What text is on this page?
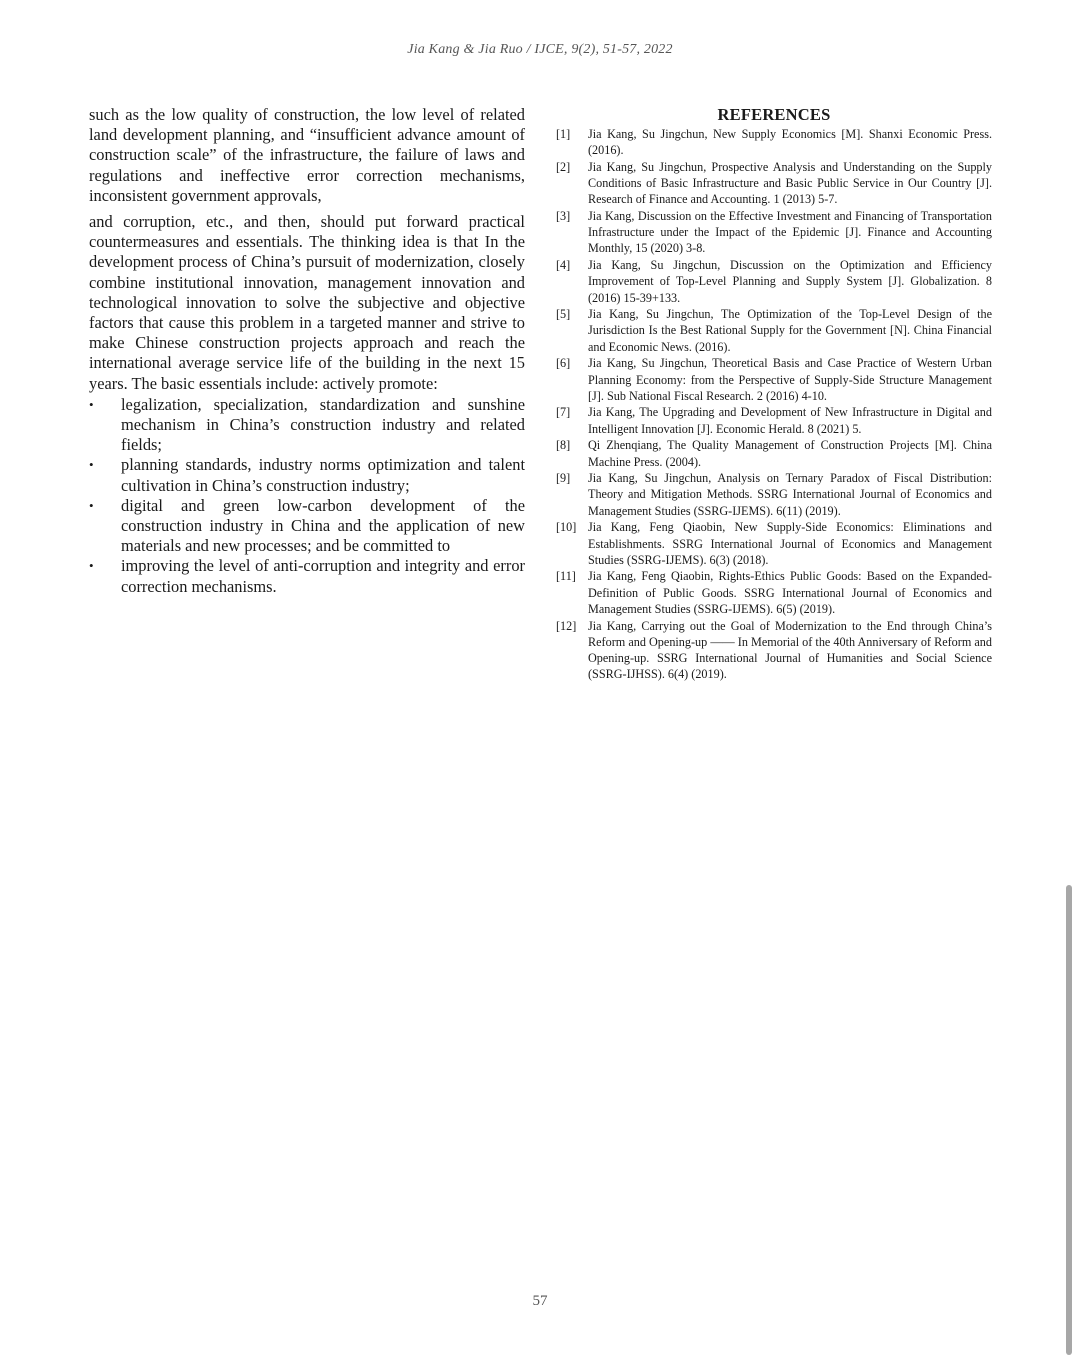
Jia Kang & Jia Ruo / IJCE, 9(2), 51-57, 2022

such as the low quality of construction, the low level of related land development planning, and “insufficient advance amount of construction scale” of the infrastructure, the failure of laws and regulations and ineffective error correction mechanisms, inconsistent government approvals,

and corruption, etc., and then, should put forward practical countermeasures and essentials. The thinking idea is that In the development process of China’s pursuit of modernization, closely combine institutional innovation, management innovation and technological innovation to solve the subjective and objective factors that cause this problem in a targeted manner and strive to make Chinese construction projects approach and reach the international average service life of the building in the next 15 years. The basic essentials include: actively promote:

• legalization, specialization, standardization and sunshine mechanism in China’s construction industry and related fields;
• planning standards, industry norms optimization and talent cultivation in China’s construction industry;
• digital and green low-carbon development of the construction industry in China and the application of new materials and new processes; and be committed to
• improving the level of anti-corruption and integrity and error correction mechanisms.
REFERENCES
[1]	Jia Kang, Su Jingchun, New Supply Economics [M]. Shanxi Economic Press. (2016).
[2]	Jia Kang, Su Jingchun, Prospective Analysis and Understanding on the Supply Conditions of Basic Infrastructure and Basic Public Service in Our Country [J]. Research of Finance and Accounting. 1 (2013) 5-7.
[3]	Jia Kang, Discussion on the Effective Investment and Financing of Transportation Infrastructure under the Impact of the Epidemic [J]. Finance and Accounting Monthly, 15 (2020) 3-8.
[4]	Jia Kang, Su Jingchun, Discussion on the Optimization and Efficiency Improvement of Top-Level Planning and Supply System [J]. Globalization. 8 (2016) 15-39+133.
[5]	Jia Kang, Su Jingchun, The Optimization of the Top-Level Design of the Jurisdiction Is the Best Rational Supply for the Government [N]. China Financial and Economic News. (2016).
[6]	Jia Kang, Su Jingchun, Theoretical Basis and Case Practice of Western Urban Planning Economy: from the Perspective of Supply-Side Structure Management [J]. Sub National Fiscal Research. 2 (2016) 4-10.
[7]	Jia Kang, The Upgrading and Development of New Infrastructure in Digital and Intelligent Innovation [J]. Economic Herald. 8 (2021) 5.
[8]	Qi Zhenqiang, The Quality Management of Construction Projects [M]. China Machine Press. (2004).
[9]	Jia Kang, Su Jingchun, Analysis on Ternary Paradox of Fiscal Distribution: Theory and Mitigation Methods. SSRG International Journal of Economics and Management Studies (SSRG-IJEMS). 6(11) (2019).
[10] Jia Kang, Feng Qiaobin, New Supply-Side Economics: Eliminations and Establishments. SSRG International Journal of Economics and Management Studies (SSRG-IJEMS). 6(3) (2018).
[11] Jia Kang, Feng Qiaobin, Rights-Ethics Public Goods: Based on the Expanded-Definition of Public Goods. SSRG International Journal of Economics and Management Studies (SSRG-IJEMS). 6(5) (2019).
[12] Jia Kang, Carrying out the Goal of Modernization to the End through China’s Reform and Opening-up —— In Memorial of the 40th Anniversary of Reform and Opening-up. SSRG International Journal of Humanities and Social Science (SSRG-IJHSS). 6(4) (2019).
57
